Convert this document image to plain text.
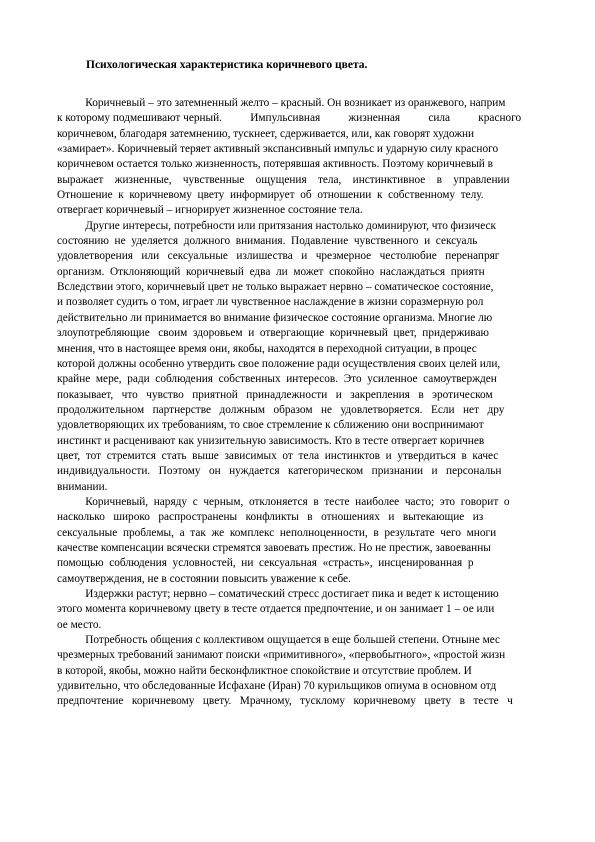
Психологическая характеристика коричневого цвета.
Коричневый – это затемненный желто – красный. Он возникает из оранжевого, наприм
к которому подмешивают черный.          Импульсивная          жизненная          сила          красного
коричневом, благодаря затемнению, тускнеет, сдерживается, или, как говорят художни
«замирает». Коричневый теряет активный экспансивный импульс и ударную силу красного
коричневом остается только жизненность, потерявшая активность. Поэтому коричневый в
выражает    жизненные,    чувственные    ощущения    тела,    инстинктивное    в    управлении
Отношение  к  коричневому  цвету  информирует  об  отношении  к  собственному  телу.
отвергает коричневый – игнорирует жизненное состояние тела.
Другие интересы, потребности или притязания настолько доминируют, что физическ
состоянию  не  уделяется  должного  внимания.  Подавление  чувственного  и  сексуаль
удовлетворения   или   сексуальные   излишества   и   чрезмерное   честолюбие   перенапряг
организм.  Отклоняющий  коричневый  едва  ли  может  спокойно  наслаждаться  приятн
Вследствии этого, коричневый цвет не только выражает нервно – соматическое состояние,
и позволяет судить о том, играет ли чувственное наслаждение в жизни соразмерную рол
действительно ли принимается во внимание физическое состояние организма. Многие лю
злоупотребляющие   своим  здоровьем  и  отвергающие  коричневый  цвет,  придерживаю
мнения, что в настоящее время они, якобы, находятся в переходной ситуации, в процес
которой должны особенно утвердить свое положение ради осуществления своих целей или,
крайне  мере,  ради  соблюдения  собственных  интересов.  Это  усиленное  самоутвержден
показывает,   что   чувство   приятной   принадлежности   и   закрепления   в   эротическом
продолжительном   партнерстве   должным   образом   не   удовлетворяется.   Если   нет   дру
удовлетворяющих их требованиям, то свое стремление к сближению они воспринимают
инстинкт и расценивают как унизительную зависимость. Кто в тесте отвергает коричнев
цвет,  тот  стремится  стать  выше  зависимых  от  тела  инстинктов  и  утвердиться  в  качес
индивидуальности.   Поэтому   он   нуждается   категорическом   признании   и   персональн
внимании.
Коричневый,  наряду  с  черным,  отклоняется  в  тесте  наиболее  часто;  это  говорит  о
насколько   широко   распространены   конфликты   в   отношениях   и   вытекающие   из
сексуальные  проблемы,  а  так  же  комплекс  неполноценности,  в  результате  чего  многи
качестве компенсации всячески стремятся завоевать престиж. Но не престиж, завоеванны
помощью  соблюдения  условностей,  ни  сексуальная  «страсть»,  инсценированная  р
самоутверждения, не в состоянии повысить уважение к себе.
Издержки растут; нервно – соматический стресс достигает пика и ведет к истощению
этого момента коричневому цвету в тесте отдается предпочтение, и он занимает 1 – ое или
ое место.
Потребность общения с коллективом ощущается в еще большей степени. Отныне мес
чрезмерных требований занимают поиски «примитивного», «первобытного», «простой жизн
в которой, якобы, можно найти бесконфликтное спокойствие и отсутствие проблем. И
удивительно, что обследованные Исфахане (Иран) 70 курильщиков опиума в основном отд
предпочтение   коричневому   цвету.   Мрачному,   тусклому   коричневому   цвету   в   тесте   ч
